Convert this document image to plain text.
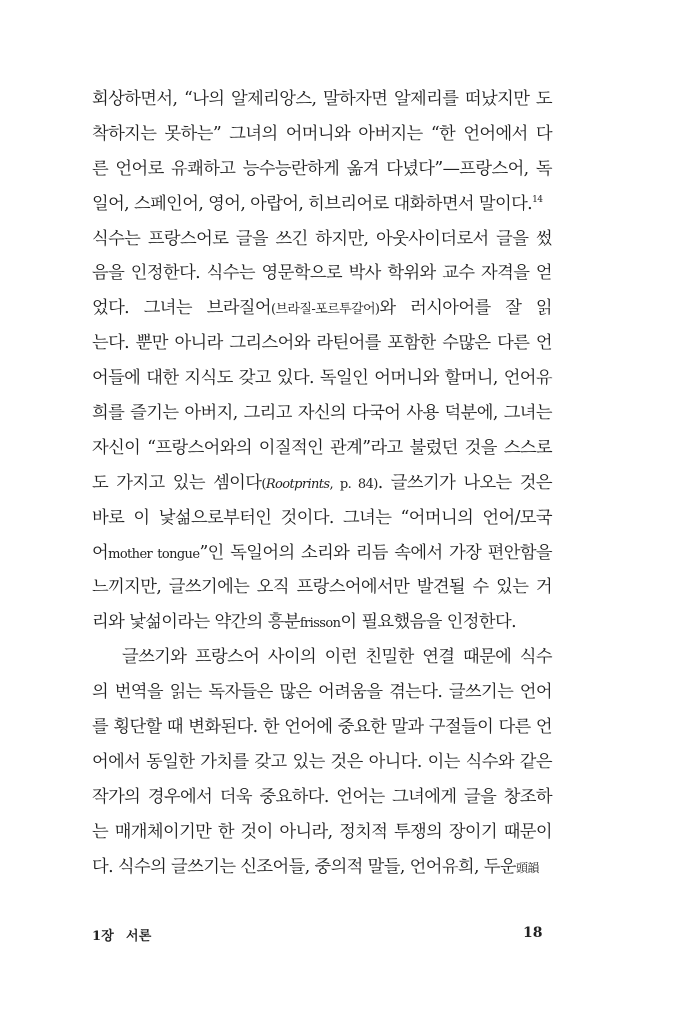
회상하면서, “나의 알제리앙스, 말하자면 알제리를 떠났지만 도
착하지는 못하는” 그녀의 어머니와 아버지는 “한 언어에서 다
른 언어로 유쾌하고 능수능란하게 옮겨 다녔다”—프랑스어, 독
일어, 스페인어, 영어, 아랍어, 히브리어로 대화하면서 말이다.$^{14}$
식수는 프랑스어로 글을 쓰긴 하지만, 아웃사이더로서 글을 썼
음을 인정한다. 식수는 영문학으로 박사 학위와 교수 자격을 얻
었다. 그녀는 브라질어(브라질-포르투갈어)와 러시아어를 잘 읽
는다. 뿐만 아니라 그리스어와 라틴어를 포함한 수많은 다른 언
어들에 대한 지식도 갖고 있다. 독일인 어머니와 할머니, 언어유
희를 즐기는 아버지, 그리고 자신의 다국어 사용 덕분에, 그녀는
자신이 “프랑스어와의 이질적인 관계”라고 불렀던 것을 스스로
도 가지고 있는 셈이다(Rootprints, p. 84). 글쓰기가 나오는 것은
바로 이 낯섦으로부터인 것이다. 그녀는 “어머니의 언어/모국
어mother tongue”인 독일어의 소리와 리듬 속에서 가장 편안함을
느끼지만, 글쓰기에는 오직 프랑스어에서만 발견될 수 있는 거
리와 낯섦이라는 약간의 흥분frisson이 필요했음을 인정한다.
글쓰기와 프랑스어 사이의 이런 친밀한 연결 때문에 식수
의 번역을 읽는 독자들은 많은 어려움을 겪는다. 글쓰기는 언어
를 횡단할 때 변화된다. 한 언어에 중요한 말과 구절들이 다른 언
어에서 동일한 가치를 갖고 있는 것은 아니다. 이는 식수와 같은
작가의 경우에서 더욱 중요하다. 언어는 그녀에게 글을 창조하
는 매개체이기만 한 것이 아니라, 정치적 투쟁의 장이기 때문이
다. 식수의 글쓰기는 신조어들, 중의적 말들, 언어유희, 두운頭韻
1장 서론	18
